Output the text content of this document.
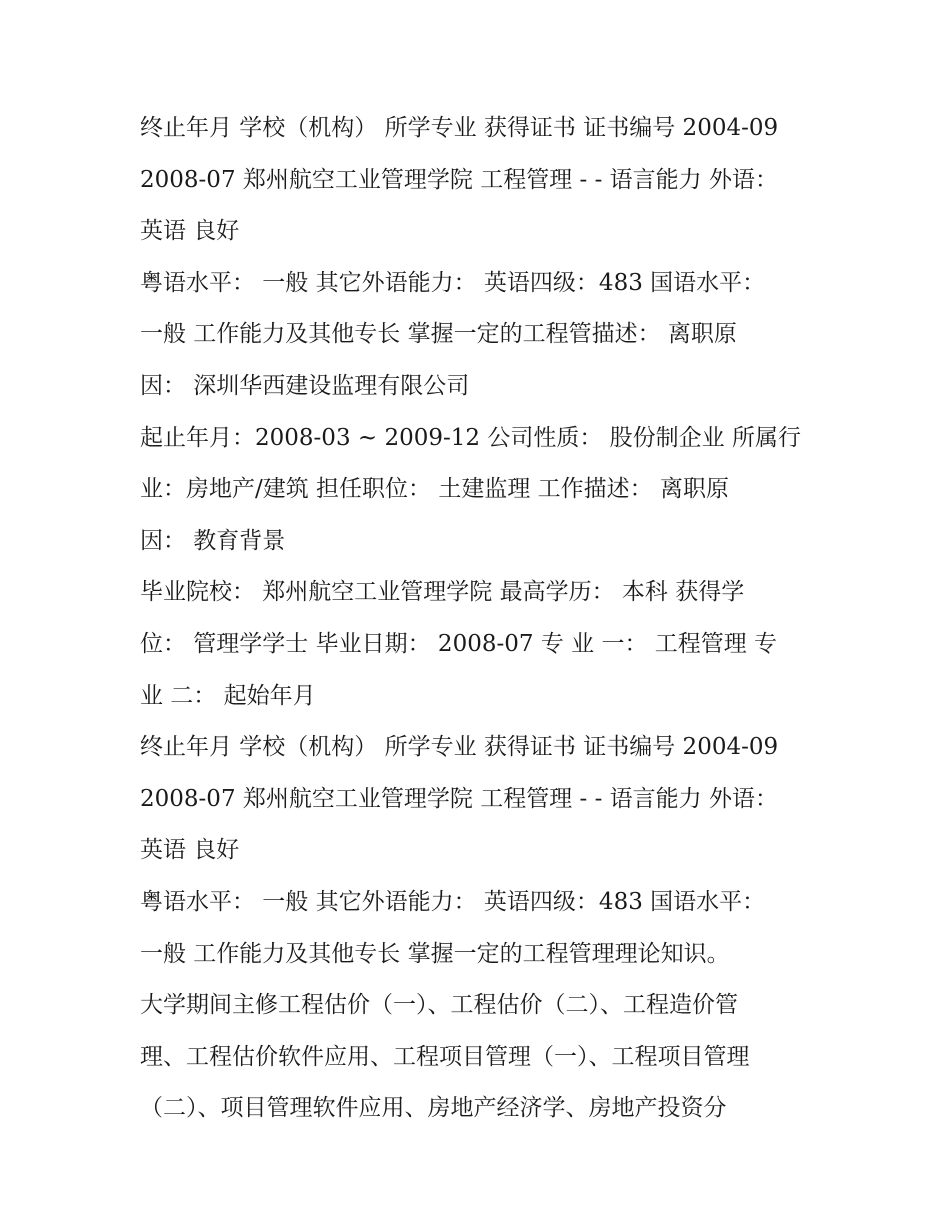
终止年月 学校（机构） 所学专业 获得证书 证书编号 2004-09
2008-07 郑州航空工业管理学院 工程管理 - - 语言能力 外语：
英语 良好
粤语水平： 一般 其它外语能力： 英语四级：483 国语水平：
一般 工作能力及其他专长 掌握一定的工程管描述： 离职原
因： 深圳华西建设监理有限公司
起止年月：2008-03 ~ 2009-12 公司性质： 股份制企业 所属行
业：房地产/建筑 担任职位： 土建监理 工作描述： 离职原
因： 教育背景
毕业院校： 郑州航空工业管理学院 最高学历： 本科 获得学
位： 管理学学士 毕业日期： 2008-07 专 业 一： 工程管理 专
业 二： 起始年月
终止年月 学校（机构） 所学专业 获得证书 证书编号 2004-09
2008-07 郑州航空工业管理学院 工程管理 - - 语言能力 外语：
英语 良好
粤语水平： 一般 其它外语能力： 英语四级：483 国语水平：
一般 工作能力及其他专长 掌握一定的工程管理理论知识。
大学期间主修工程估价（一）、工程估价（二）、工程造价管
理、工程估价软件应用、工程项目管理（一）、工程项目管理
（二）、项目管理软件应用、房地产经济学、房地产投资分
